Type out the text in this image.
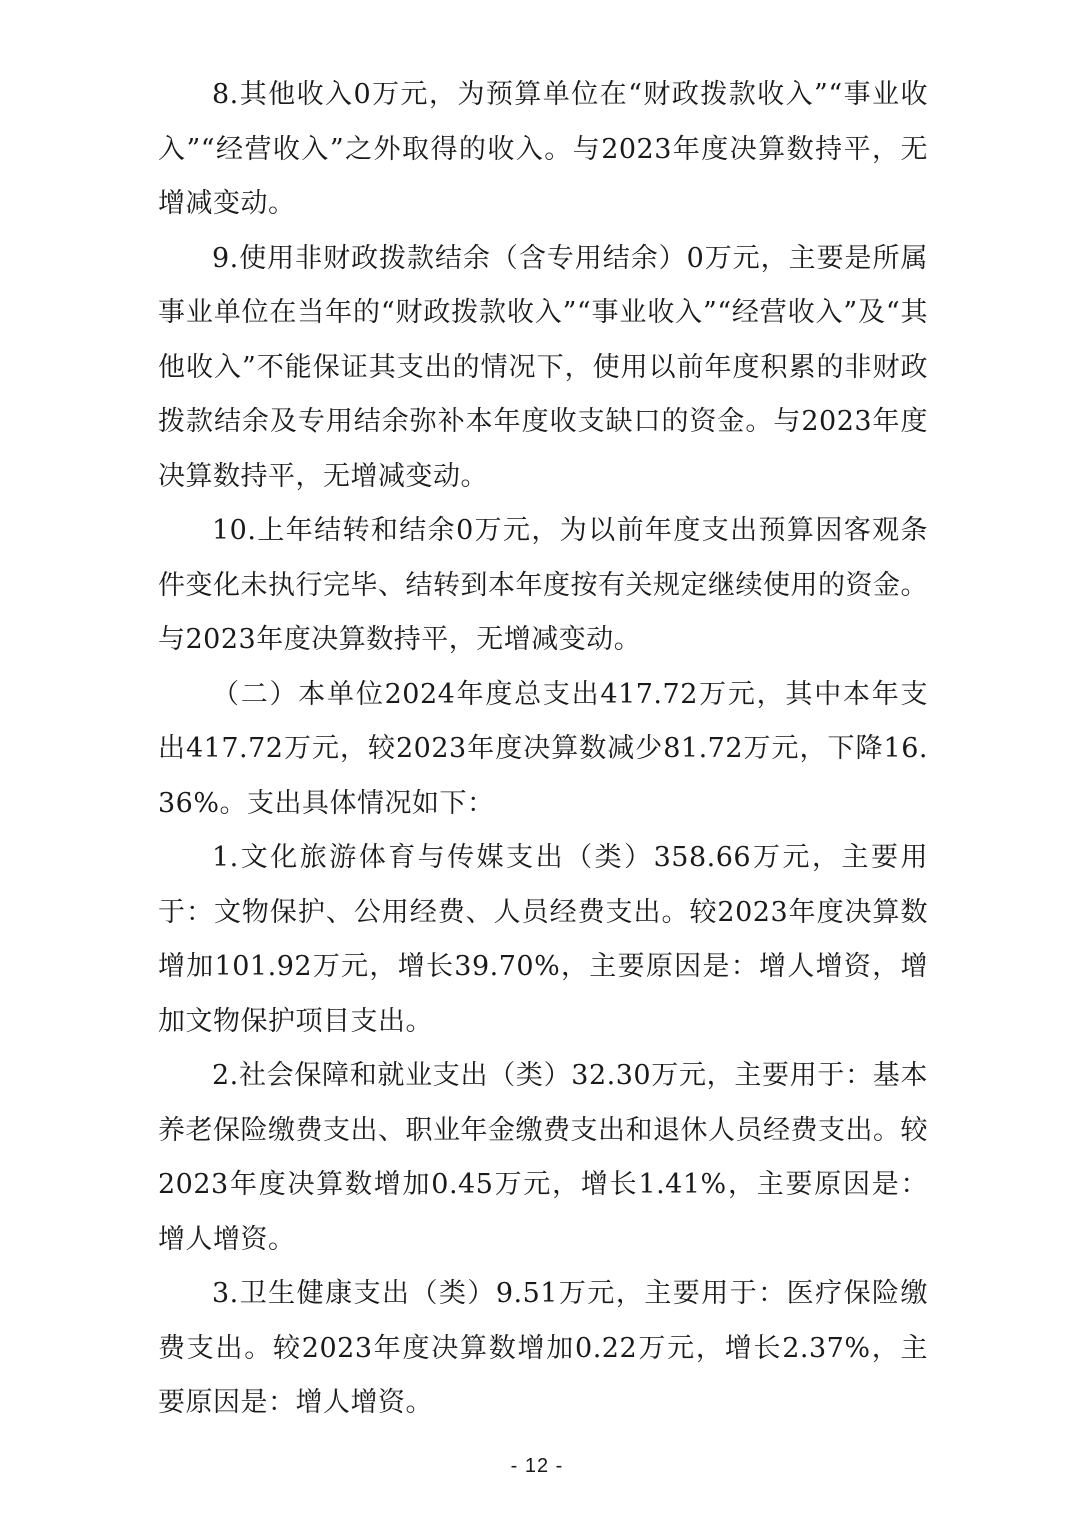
8.其他收入0万元，为预算单位在“财政拨款收入”“事业收入”“经营收入”之外取得的收入。与2023年度决算数持平，无增减变动。

9.使用非财政拨款结余（含专用结余）0万元，主要是所属事业单位在当年的“财政拨款收入”“事业收入”“经营收入”及“其他收入”不能保证其支出的情况下，使用以前年度积累的非财政拨款结余及专用结余弥补本年度收支缺口的资金。与2023年度决算数持平，无增减变动。

10.上年结转和结余0万元，为以前年度支出预算因客观条件变化未执行完毕、结转到本年度按有关规定继续使用的资金。与2023年度决算数持平，无增减变动。

（二）本单位2024年度总支出417.72万元，其中本年支出417.72万元，较2023年度决算数减少81.72万元，下降16.36%。支出具体情况如下：

1.文化旅游体育与传媒支出（类）358.66万元，主要用于：文物保护、公用经费、人员经费支出。较2023年度决算数增加101.92万元，增长39.70%，主要原因是：增人增资，增加文物保护项目支出。

2.社会保障和就业支出（类）32.30万元，主要用于：基本养老保险缴费支出、职业年金缴费支出和退休人员经费支出。较2023年度决算数增加0.45万元，增长1.41%，主要原因是：增人增资。

3.卫生健康支出（类）9.51万元，主要用于：医疗保险缴费支出。较2023年度决算数增加0.22万元，增长2.37%，主要原因是：增人增资。

- 12 -
